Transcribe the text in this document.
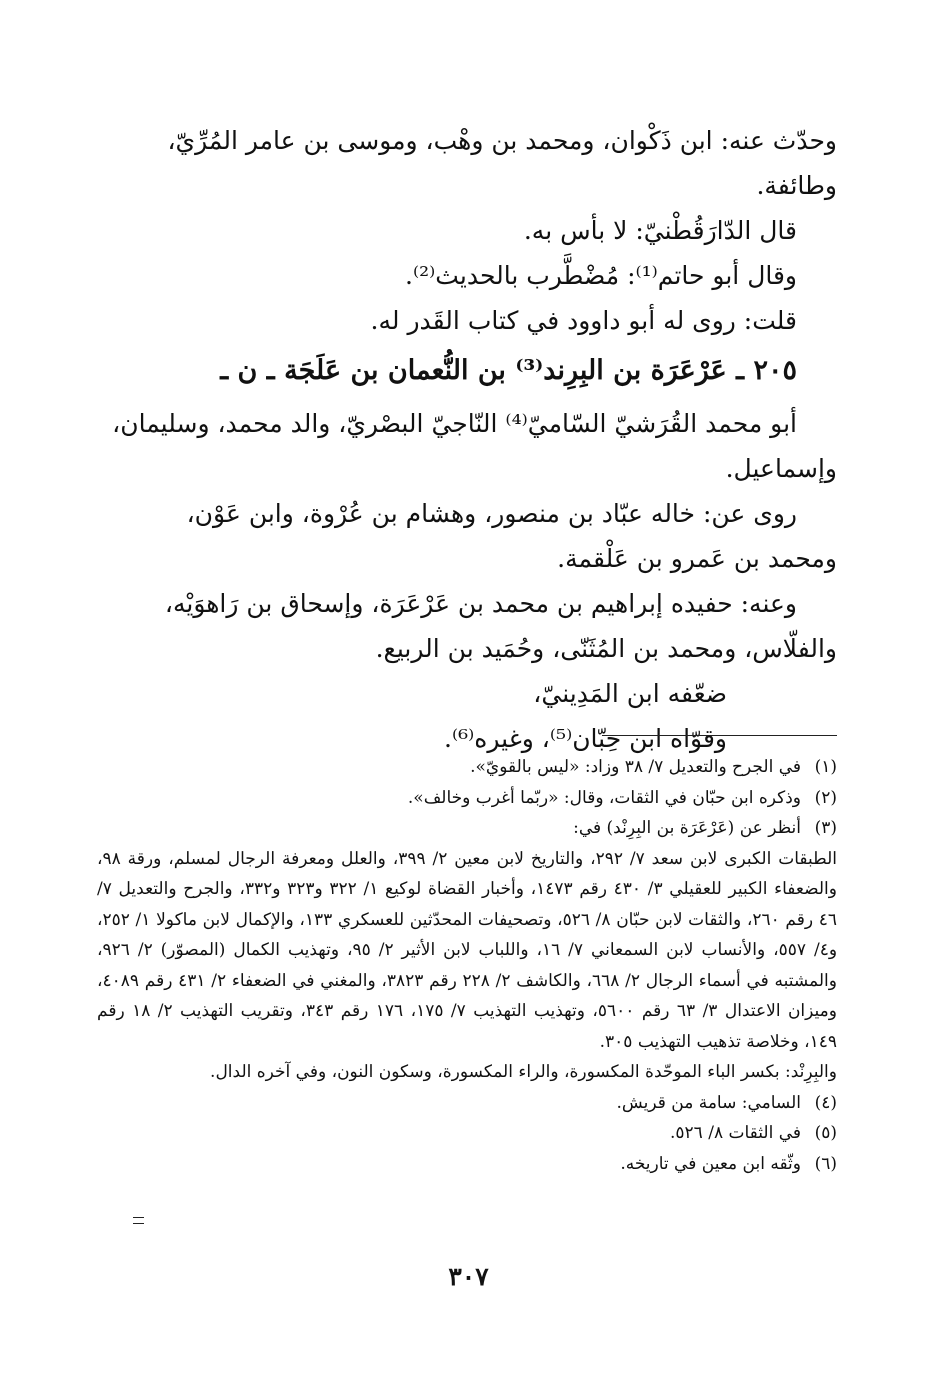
وحدّث عنه: ابن ذَكْوان، ومحمد بن وهْب، وموسى بن عامر المُرِّيّ،

وطائفة.

قال الدّارَقُطْنيّ: لا بأس به.

وقال أبو حاتم⁽¹⁾: مُضْطَّرب بالحديث⁽²⁾.

قلت: روى له أبو داوود في كتاب القَدر له.

٢٠٥ ـ عَرْعَرَة بن البِرِند⁽³⁾ بن النُّعمان بن عَلَجَة ـ ن ـ

أبو محمد القُرَشيّ السّاميّ⁽⁴⁾ النّاجيّ البصْريّ، والد محمد، وسليمان،

وإسماعيل.

روى عن: خاله عبّاد بن منصور، وهشام بن عُرْوة، وابن عَوْن،

ومحمد بن عَمرو بن عَلْقمة.

وعنه: حفيده إبراهيم بن محمد بن عَرْعَرَة، وإسحاق بن رَاهوَيْه،

والفلّاس، ومحمد بن المُثَنّى، وحُمَيد بن الربيع.

ضعّفه ابن المَدِينيّ،

وقوّاه ابن حِبّان⁽⁵⁾، وغيره⁽⁶⁾.

(١)
في الجرح والتعديل ٧/ ٣٨ وزاد: «ليس بالقويّ».

(٢)
وذكره ابن حبّان في الثقات، وقال: «ربّما أغرب وخالف».

(٣)
أنظر عن (عَرْعَرَة بن البِرِنْد) في:

الطبقات الكبرى لابن سعد ٧/ ٢٩٢، والتاريخ لابن معين ٢/ ٣٩٩، والعلل ومعرفة الرجال لمسلم، ورقة ٩٨، والضعفاء الكبير للعقيلي ٣/ ٤٣٠ رقم ١٤٧٣، وأخبار القضاة لوكيع ١/ ٣٢٢ و٣٢٣ و٣٣٢، والجرح والتعديل ٧/ ٤٦ رقم ٢٦٠، والثقات لابن حبّان ٨/ ٥٢٦، وتصحيفات المحدّثين للعسكري ١٣٣، والإكمال لابن ماكولا ١/ ٢٥٢، و٤/ ٥٥٧، والأنساب لابن السمعاني ٧/ ١٦، واللباب لابن الأثير ٢/ ٩٥، وتهذيب الكمال (المصوّر) ٢/ ٩٢٦، والمشتبه في أسماء الرجال ٢/ ٦٦٨، والكاشف ٢/ ٢٢٨ رقم ٣٨٢٣، والمغني في الضعفاء ٢/ ٤٣١ رقم ٤٠٨٩، وميزان الاعتدال ٣/ ٦٣ رقم ٥٦٠٠، وتهذيب التهذيب ٧/ ١٧٥، ١٧٦ رقم ٣٤٣، وتقريب التهذيب ٢/ ١٨ رقم ١٤٩، وخلاصة تذهيب التهذيب ٣٠٥.

والبِرِنْد: بكسر الباء الموحّدة المكسورة، والراء المكسورة، وسكون النون، وفي آخره الدال.

(٤)
السامي: سامة من قريش.

(٥)
في الثقات ٨/ ٥٢٦.

(٦)
وثّقه ابن معين في تاريخه.

٣٠٧
